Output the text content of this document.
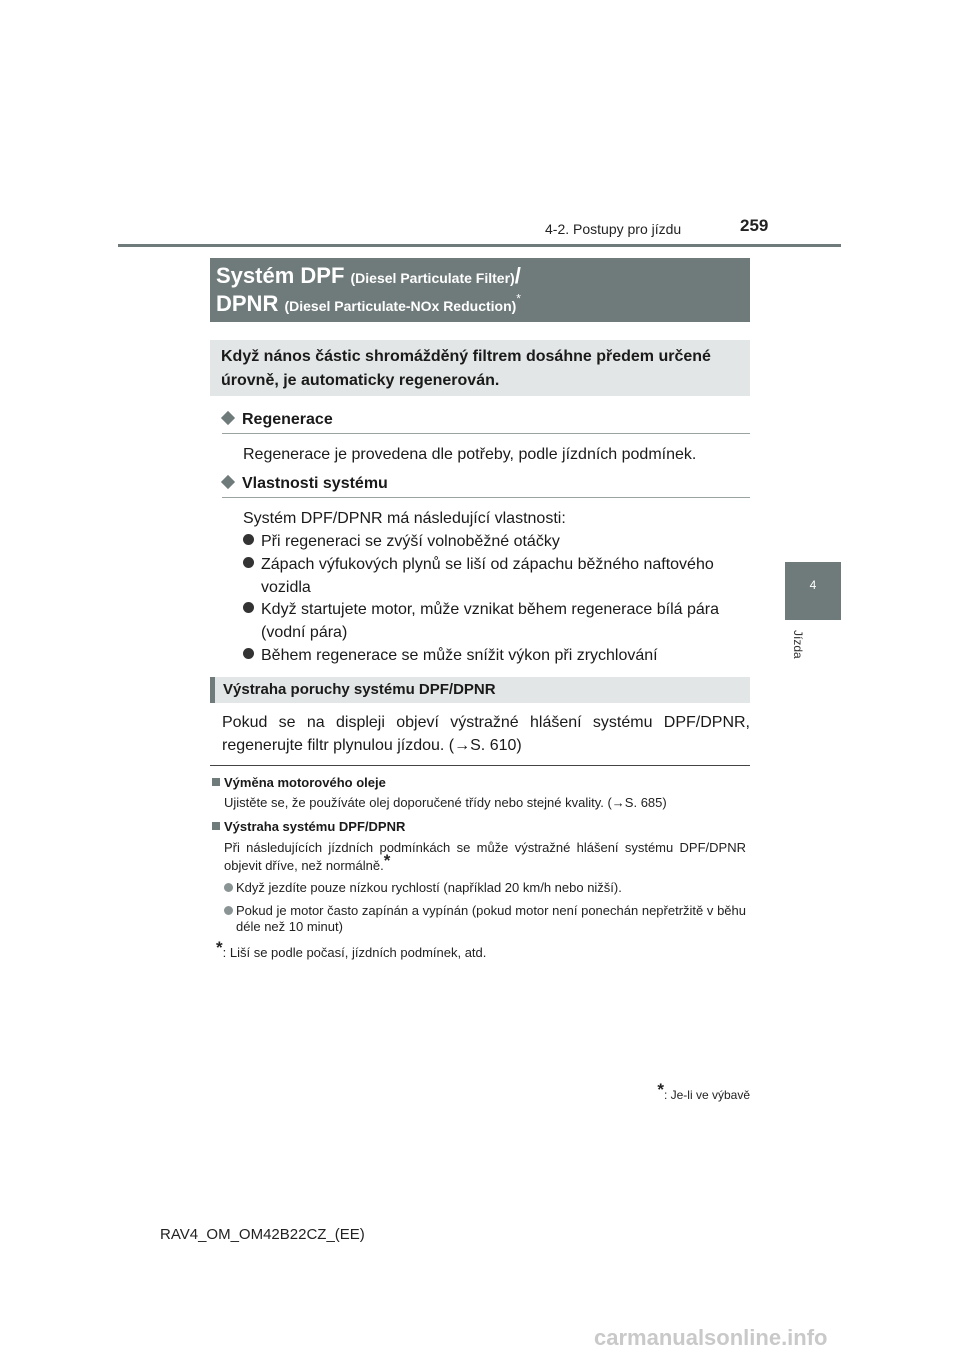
4-2. Postupy pro jízdu	259
4
Jízda
Systém DPF (Diesel Particulate Filter)/
DPNR (Diesel Particulate-NOx Reduction)*
Když nános částic shromážděný filtrem dosáhne předem určené úrovně, je automaticky regenerován.
Regenerace
Regenerace je provedena dle potřeby, podle jízdních podmínek.
Vlastnosti systému
Systém DPF/DPNR má následující vlastnosti:
Při regeneraci se zvýší volnoběžné otáčky
Zápach výfukových plynů se liší od zápachu běžného naftového vozidla
Když startujete motor, může vznikat během regenerace bílá pára (vodní pára)
Během regenerace se může snížit výkon při zrychlování
Výstraha poruchy systému DPF/DPNR
Pokud se na displeji objeví výstražné hlášení systému DPF/DPNR, regenerujte filtr plynulou jízdou. (→S. 610)
Výměna motorového oleje
Ujistěte se, že používáte olej doporučené třídy nebo stejné kvality. (→S. 685)
Výstraha systému DPF/DPNR
Při následujících jízdních podmínkách se může výstražné hlášení systému DPF/DPNR objevit dříve, než normálně.*
Když jezdíte pouze nízkou rychlostí (například 20 km/h nebo nižší).
Pokud je motor často zapínán a vypínán (pokud motor není ponechán nepřetržitě v běhu déle než 10 minut)
*: Liší se podle počasí, jízdních podmínek, atd.
*: Je-li ve výbavě
RAV4_OM_OM42B22CZ_(EE)
carmanualsonline.info
